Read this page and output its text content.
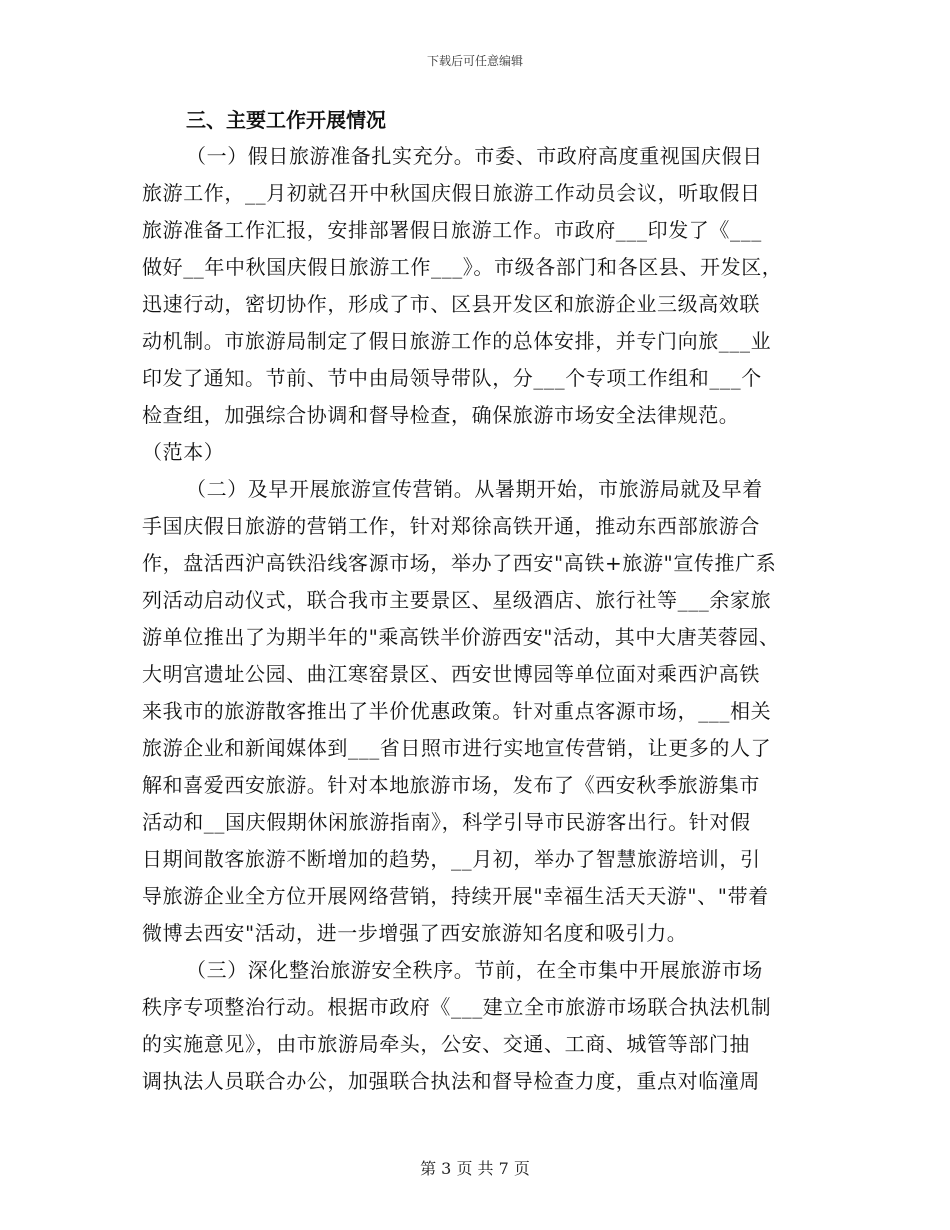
下载后可任意编辑
三、主要工作开展情况
（一）假日旅游准备扎实充分。市委、市政府高度重视国庆假日
旅游工作，__月初就召开中秋国庆假日旅游工作动员会议，听取假日
旅游准备工作汇报，安排部署假日旅游工作。市政府___印发了《___
做好__年中秋国庆假日旅游工作___》。市级各部门和各区县、开发区，
迅速行动，密切协作，形成了市、区县开发区和旅游企业三级高效联
动机制。市旅游局制定了假日旅游工作的总体安排，并专门向旅___业
印发了通知。节前、节中由局领导带队，分___个专项工作组和___个
检查组，加强综合协调和督导检查，确保旅游市场安全法律规范。
（范本）
（二）及早开展旅游宣传营销。从暑期开始，市旅游局就及早着
手国庆假日旅游的营销工作，针对郑徐高铁开通，推动东西部旅游合
作，盘活西沪高铁沿线客源市场，举办了西安"高铁+旅游"宣传推广系
列活动启动仪式，联合我市主要景区、星级酒店、旅行社等___余家旅
游单位推出了为期半年的"乘高铁半价游西安"活动，其中大唐芙蓉园、
大明宫遗址公园、曲江寒窑景区、西安世博园等单位面对乘西沪高铁
来我市的旅游散客推出了半价优惠政策。针对重点客源市场，___相关
旅游企业和新闻媒体到___省日照市进行实地宣传营销，让更多的人了
解和喜爱西安旅游。针对本地旅游市场，发布了《西安秋季旅游集市
活动和__国庆假期休闲旅游指南》，科学引导市民游客出行。针对假
日期间散客旅游不断增加的趋势，__月初，举办了智慧旅游培训，引
导旅游企业全方位开展网络营销，持续开展"幸福生活天天游"、"带着
微博去西安"活动，进一步增强了西安旅游知名度和吸引力。
（三）深化整治旅游安全秩序。节前，在全市集中开展旅游市场
秩序专项整治行动。根据市政府《___建立全市旅游市场联合执法机制
的实施意见》，由市旅游局牵头，公安、交通、工商、城管等部门抽
调执法人员联合办公，加强联合执法和督导检查力度，重点对临潼周
第 3 页 共 7 页
